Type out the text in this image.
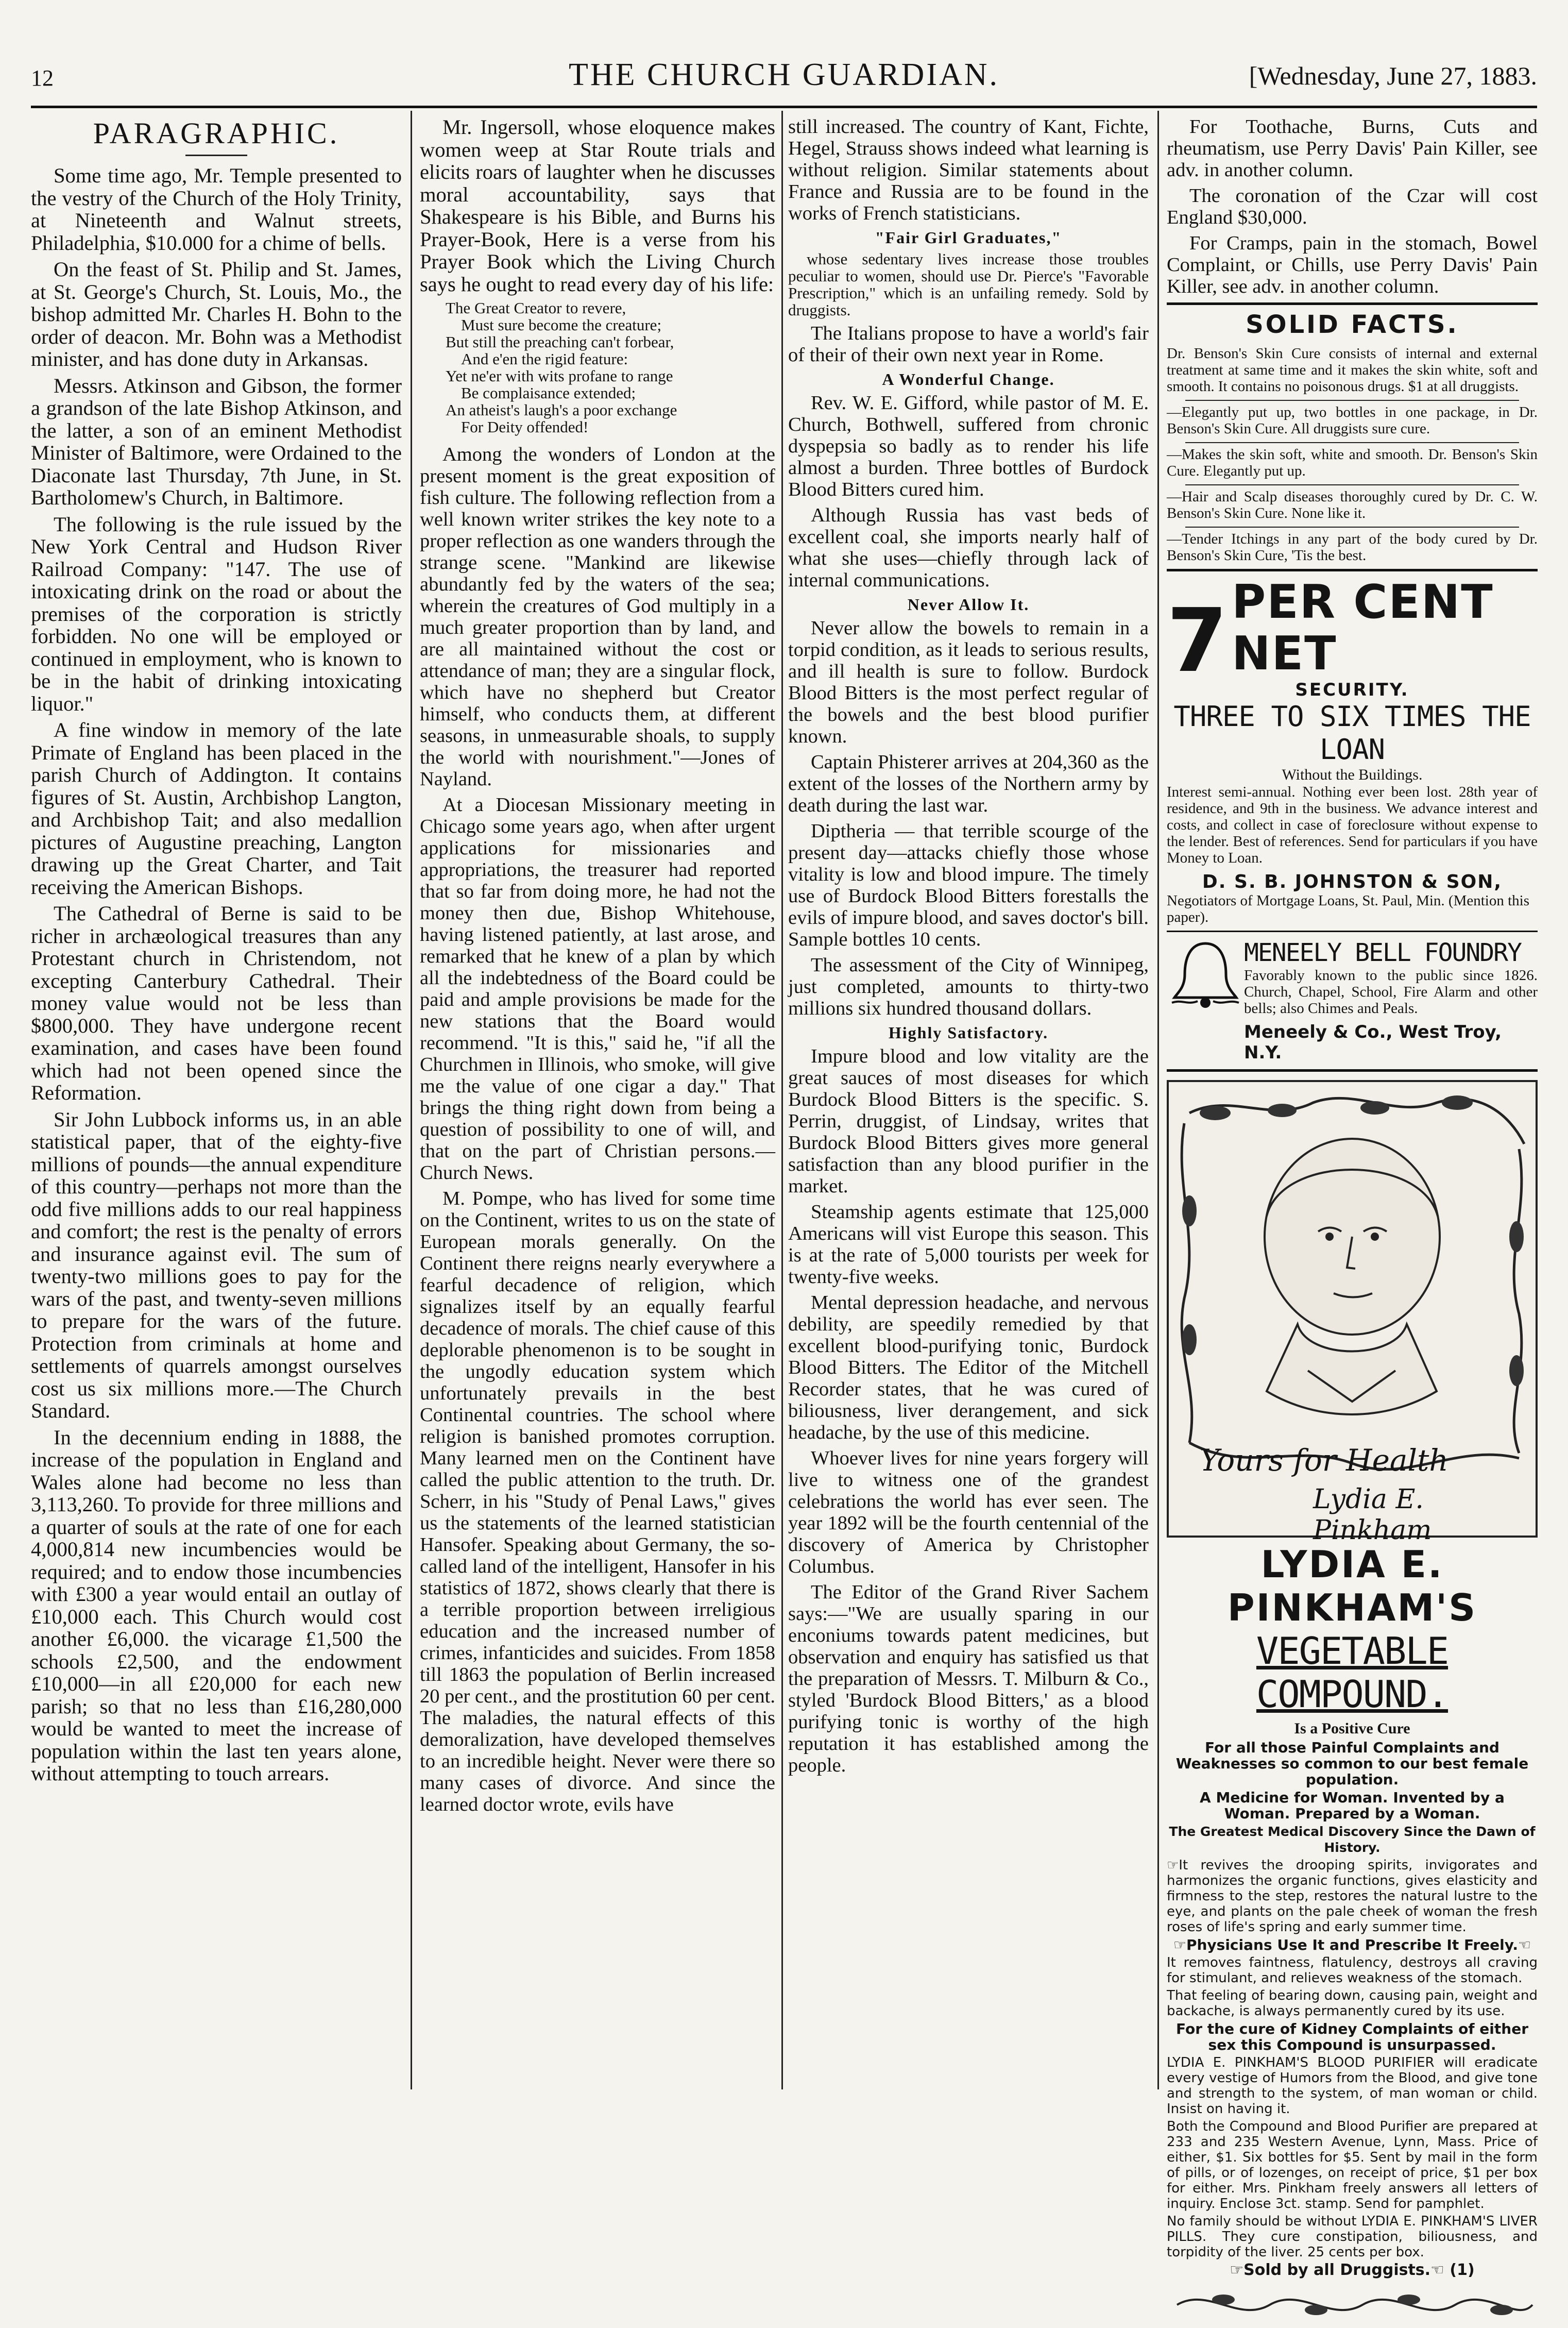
12	THE CHURCH GUARDIAN.	[Wednesday, June 27, 1883.
PARAGRAPHIC.

Some time ago, Mr. Temple presented to the vestry of the Church of the Holy Trinity, at Nineteenth and Walnut streets, Philadelphia, $10.000 for a chime of bells.

On the feast of St. Philip and St. James, at St. George's Church, St. Louis, Mo., the bishop admitted Mr. Charles H. Bohn to the order of deacon. Mr. Bohn was a Methodist minister, and has done duty in Arkansas.

Messrs. Atkinson and Gibson, the former a grandson of the late Bishop Atkinson, and the latter, a son of an eminent Methodist Minister of Baltimore, were Ordained to the Diaconate last Thursday, 7th June, in St. Bartholomew's Church, in Baltimore.

The following is the rule issued by the New York Central and Hudson River Railroad Company: "147. The use of intoxicating drink on the road or about the premises of the corporation is strictly forbidden. No one will be employed or continued in employment, who is known to be in the habit of drinking intoxicating liquor."

A fine window in memory of the late Primate of England has been placed in the parish Church of Addington. It contains figures of St. Austin, Archbishop Langton, and Archbishop Tait; and also medallion pictures of Augustine preaching, Langton drawing up the Great Charter, and Tait receiving the American Bishops.

The Cathedral of Berne is said to be richer in archæological treasures than any Protestant church in Christendom, not excepting Canterbury Cathedral. Their money value would not be less than $800,000. They have undergone recent examination, and cases have been found which had not been opened since the Reformation.

Sir John Lubbock informs us, in an able statistical paper, that of the eighty-five millions of pounds—the annual expenditure of this country—perhaps not more than the odd five millions adds to our real happiness and comfort; the rest is the penalty of errors and insurance against evil. The sum of twenty-two millions goes to pay for the wars of the past, and twenty-seven millions to prepare for the wars of the future. Protection from criminals at home and settlements of quarrels amongst ourselves cost us six millions more.—The Church Standard.

In the decennium ending in 1888, the increase of the population in England and Wales alone had become no less than 3,113,260. To provide for three millions and a quarter of souls at the rate of one for each 4,000,814 new incumbencies would be required; and to endow those incumbencies with £300 a year would entail an outlay of £10,000 each. This Church would cost another £6,000. the vicarage £1,500 the schools £2,500, and the endowment £10,000—in all £20,000 for each new parish; so that no less than £16,280,000 would be wanted to meet the increase of population within the last ten years alone, without attempting to touch arrears.

Mr. Ingersoll, whose eloquence makes women weep at Star Route trials and elicits roars of laughter when he discusses moral accountability, says that Shakespeare is his Bible, and Burns his Prayer-Book, Here is a verse from his Prayer Book which the Living Church says he ought to read every day of his life:

The Great Creator to revere,
Must sure become the creature;
But still the preaching can't forbear,
And e'en the rigid feature:
Yet ne'er with wits profane to range
Be complaisance extended;
An atheist's laugh's a poor exchange
For Deity offended!

Among the wonders of London at the present moment is the great exposition of fish culture. The following reflection from a well known writer strikes the key note to a proper reflection as one wanders through the strange scene. "Mankind are likewise abundantly fed by the waters of the sea; wherein the creatures of God multiply in a much greater proportion than by land, and are all maintained without the cost or attendance of man; they are a singular flock, which have no shepherd but Creator himself, who conducts them, at different seasons, in unmeasurable shoals, to supply the world with nourishment."—Jones of Nayland.

At a Diocesan Missionary meeting in Chicago some years ago, when after urgent applications for missionaries and appropriations, the treasurer had reported that so far from doing more, he had not the money then due, Bishop Whitehouse, having listened patiently, at last arose, and remarked that he knew of a plan by which all the indebtedness of the Board could be paid and ample provisions be made for the new stations that the Board would recommend. "It is this," said he, "if all the Churchmen in Illinois, who smoke, will give me the value of one cigar a day." That brings the thing right down from being a question of possibility to one of will, and that on the part of Christian persons.—Church News.

M. Pompe, who has lived for some time on the Continent, writes to us on the state of European morals generally. On the Continent there reigns nearly everywhere a fearful decadence of religion, which signalizes itself by an equally fearful decadence of morals. The chief cause of this deplorable phenomenon is to be sought in the ungodly education system which unfortunately prevails in the best Continental countries. The school where religion is banished promotes corruption. Many learned men on the Continent have called the public attention to the truth. Dr. Scherr, in his "Study of Penal Laws," gives us the statements of the learned statistician Hansofer. Speaking about Germany, the so-called land of the intelligent, Hansofer in his statistics of 1872, shows clearly that there is a terrible proportion between irreligious education and the increased number of crimes, infanticides and suicides. From 1858 till 1863 the population of Berlin increased 20 per cent., and the prostitution 60 per cent. The maladies, the natural effects of this demoralization, have developed themselves to an incredible height. Never were there so many cases of divorce. And since the learned doctor wrote, evils have

still increased. The country of Kant, Fichte, Hegel, Strauss shows indeed what learning is without religion. Similar statements about France and Russia are to be found in the works of French statisticians.

"Fair Girl Graduates,"

whose sedentary lives increase those troubles peculiar to women, should use Dr. Pierce's "Favorable Prescription," which is an unfailing remedy. Sold by druggists.

The Italians propose to have a world's fair of their of their own next year in Rome.

A Wonderful Change.

Rev. W. E. Gifford, while pastor of M. E. Church, Bothwell, suffered from chronic dyspepsia so badly as to render his life almost a burden. Three bottles of Burdock Blood Bitters cured him.

Although Russia has vast beds of excellent coal, she imports nearly half of what she uses—chiefly through lack of internal communications.

Never Allow It.

Never allow the bowels to remain in a torpid condition, as it leads to serious results, and ill health is sure to follow. Burdock Blood Bitters is the most perfect regular of the bowels and the best blood purifier known.

Captain Phisterer arrives at 204,360 as the extent of the losses of the Northern army by death during the last war.

Diptheria — that terrible scourge of the present day—attacks chiefly those whose vitality is low and blood impure. The timely use of Burdock Blood Bitters forestalls the evils of impure blood, and saves doctor's bill. Sample bottles 10 cents.

The assessment of the City of Winnipeg, just completed, amounts to thirty-two millions six hundred thousand dollars.

Highly Satisfactory.

Impure blood and low vitality are the great sauces of most diseases for which Burdock Blood Bitters is the specific. S. Perrin, druggist, of Lindsay, writes that Burdock Blood Bitters gives more general satisfaction than any blood purifier in the market.

Steamship agents estimate that 125,000 Americans will vist Europe this season. This is at the rate of 5,000 tourists per week for twenty-five weeks.

Mental depression headache, and nervous debility, are speedily remedied by that excellent blood-purifying tonic, Burdock Blood Bitters. The Editor of the Mitchell Recorder states, that he was cured of biliousness, liver derangement, and sick headache, by the use of this medicine.

Whoever lives for nine years forgery will live to witness one of the grandest celebrations the world has ever seen. The year 1892 will be the fourth centennial of the discovery of America by Christopher Columbus.

The Editor of the Grand River Sachem says:—"We are usually sparing in our enconiums towards patent medicines, but observation and enquiry has satisfied us that the preparation of Messrs. T. Milburn & Co., styled 'Burdock Blood Bitters,' as a blood purifying tonic is worthy of the high reputation it has established among the people.

For Toothache, Burns, Cuts and rheumatism, use Perry Davis' Pain Killer, see adv. in another column.

The coronation of the Czar will cost England $30,000.

For Cramps, pain in the stomach, Bowel Complaint, or Chills, use Perry Davis' Pain Killer, see adv. in another column.

SOLID FACTS.

Dr. Benson's Skin Cure consists of internal and external treatment at same time and it makes the skin white, soft and smooth. It contains no poisonous drugs. $1 at all druggists.

—Elegantly put up, two bottles in one package, in Dr. Benson's Skin Cure. All druggists sure cure.

—Makes the skin soft, white and smooth. Dr. Benson's Skin Cure. Elegantly put up.

—Hair and Scalp diseases thoroughly cured by Dr. C. W. Benson's Skin Cure. None like it.

—Tender Itchings in any part of the body cured by Dr. Benson's Skin Cure, 'Tis the best.

7 PER CENT NET
SECURITY.
THREE TO SIX TIMES THE LOAN
Without the Buildings.

Interest semi-annual. Nothing ever been lost. 28th year of residence, and 9th in the business. We advance interest and costs, and collect in case of foreclosure without expense to the lender. Best of references. Send for particulars if you have Money to Loan.

D. S. B. JOHNSTON & SON,

Negotiators of Mortgage Loans, St. Paul, Min. (Mention this paper).

MENEELY BELL FOUNDRY

Favorably known to the public since 1826. Church, Chapel, School, Fire Alarm and other bells; also Chimes and Peals.

Meneely & Co., West Troy, N.Y.
Yours for Health
Lydia E. Pinkham
LYDIA E. PINKHAM'S
VEGETABLE COMPOUND.
Is a Positive Cure
For all those Painful Complaints and Weaknesses so common to our best female population.
A Medicine for Woman. Invented by a Woman. Prepared by a Woman.
The Greatest Medical Discovery Since the Dawn of History.

☞It revives the drooping spirits, invigorates and harmonizes the organic functions, gives elasticity and firmness to the step, restores the natural lustre to the eye, and plants on the pale cheek of woman the fresh roses of life's spring and early summer time.

☞Physicians Use It and Prescribe It Freely.☜

It removes faintness, flatulency, destroys all craving for stimulant, and relieves weakness of the stomach.

That feeling of bearing down, causing pain, weight and backache, is always permanently cured by its use.

For the cure of Kidney Complaints of either sex this Compound is unsurpassed.

LYDIA E. PINKHAM'S BLOOD PURIFIER will eradicate every vestige of Humors from the Blood, and give tone and strength to the system, of man woman or child. Insist on having it.

Both the Compound and Blood Purifier are prepared at 233 and 235 Western Avenue, Lynn, Mass. Price of either, $1. Six bottles for $5. Sent by mail in the form of pills, or of lozenges, on receipt of price, $1 per box for either. Mrs. Pinkham freely answers all letters of inquiry. Enclose 3ct. stamp. Send for pamphlet.

No family should be without LYDIA E. PINKHAM'S LIVER PILLS. They cure constipation, biliousness, and torpidity of the liver. 25 cents per box.

☞Sold by all Druggists.☜ (1)
